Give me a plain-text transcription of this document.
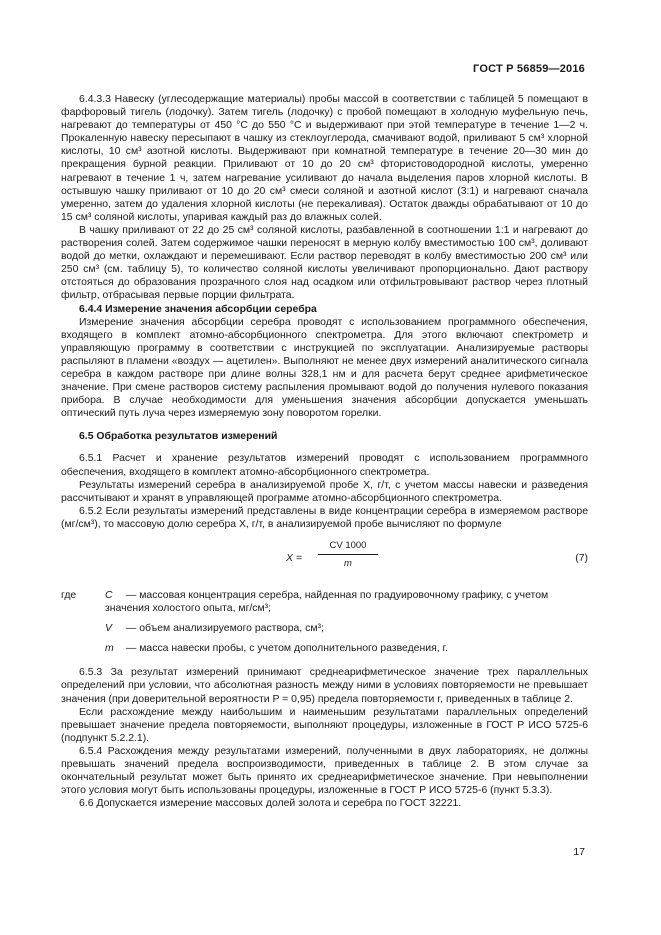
ГОСТ Р 56859—2016

6.4.3.3 Навеску (углесодержащие материалы) пробы массой в соответствии с таблицей 5 помещают в фарфоровый тигель (лодочку). Затем тигель (лодочку) с пробой помещают в холодную муфельную печь, нагревают до температуры от 450 °C до 550 °C и выдерживают при этой температуре в течение 1—2 ч. Прокаленную навеску пересыпают в чашку из стеклоуглерода, смачивают водой, приливают 5 см³ хлорной кислоты, 10 см³ азотной кислоты. Выдерживают при комнатной температуре в течение 20—30 мин до прекращения бурной реакции. Приливают от 10 до 20 см³ фтористоводородной кислоты, умеренно нагревают в течение 1 ч, затем нагревание усиливают до начала выделения паров хлорной кислоты. В остывшую чашку приливают от 10 до 20 см³ смеси соляной и азотной кислот (3:1) и нагревают сначала умеренно, затем до удаления хлорной кислоты (не перекаливая). Остаток дважды обрабатывают от 10 до 15 см³ соляной кислоты, упаривая каждый раз до влажных солей.

В чашку приливают от 22 до 25 см³ соляной кислоты, разбавленной в соотношении 1:1 и нагревают до растворения солей. Затем содержимое чашки переносят в мерную колбу вместимостью 100 см³, доливают водой до метки, охлаждают и перемешивают. Если раствор переводят в колбу вместимостью 200 см³ или 250 см³ (см. таблицу 5), то количество соляной кислоты увеличивают пропорционально. Дают раствору отстояться до образования прозрачного слоя над осадком или отфильтровывают раствор через плотный фильтр, отбрасывая первые порции фильтрата.

6.4.4 Измерение значения абсорбции серебра

Измерение значения абсорбции серебра проводят с использованием программного обеспечения, входящего в комплект атомно-абсорбционного спектрометра. Для этого включают спектрометр и управляющую программу в соответствии с инструкцией по эксплуатации. Анализируемые растворы распыляют в пламени «воздух — ацетилен». Выполняют не менее двух измерений аналитического сигнала серебра в каждом растворе при длине волны 328,1 нм и для расчета берут среднее арифметическое значение. При смене растворов систему распыления промывают водой до получения нулевого показания прибора. В случае необходимости для уменьшения значения абсорбции допускается уменьшать оптический путь луча через измеряемую зону поворотом горелки.

6.5 Обработка результатов измерений

6.5.1 Расчет и хранение результатов измерений проводят с использованием программного обеспечения, входящего в комплект атомно-абсорбционного спектрометра.

Результаты измерений серебра в анализируемой пробе X, г/т, с учетом массы навески и разведения рассчитывают и хранят в управляющей программе атомно-абсорбционного спектрометра.

6.5.2 Если результаты измерений представлены в виде концентрации серебра в измеряемом растворе (мг/см³), то массовую долю серебра X, г/т, в анализируемой пробе вычисляют по формуле

$X = \frac{CV 1000}{m}$	(7)
где	C — массовая концентрация серебра, найденная по градуировочному графику, с учетом значения холостого опыта, мг/см³;
V — объем анализируемого раствора, см³;
m — масса навески пробы, с учетом дополнительного разведения, г.

6.5.3 За результат измерений принимают среднеарифметическое значение трех параллельных определений при условии, что абсолютная разность между ними в условиях повторяемости не превышает значения (при доверительной вероятности P = 0,95) предела повторяемости r, приведенных в таблице 2.

Если расхождение между наибольшим и наименьшим результатами параллельных определений превышает значение предела повторяемости, выполняют процедуры, изложенные в ГОСТ Р ИСО 5725-6 (подпункт 5.2.2.1).

6.5.4 Расхождения между результатами измерений, полученными в двух лабораториях, не должны превышать значений предела воспроизводимости, приведенных в таблице 2. В этом случае за окончательный результат может быть принято их среднеарифметическое значение. При невыполнении этого условия могут быть использованы процедуры, изложенные в ГОСТ Р ИСО 5725-6 (пункт 5.3.3).

6.6 Допускается измерение массовых долей золота и серебра по ГОСТ 32221.

17
